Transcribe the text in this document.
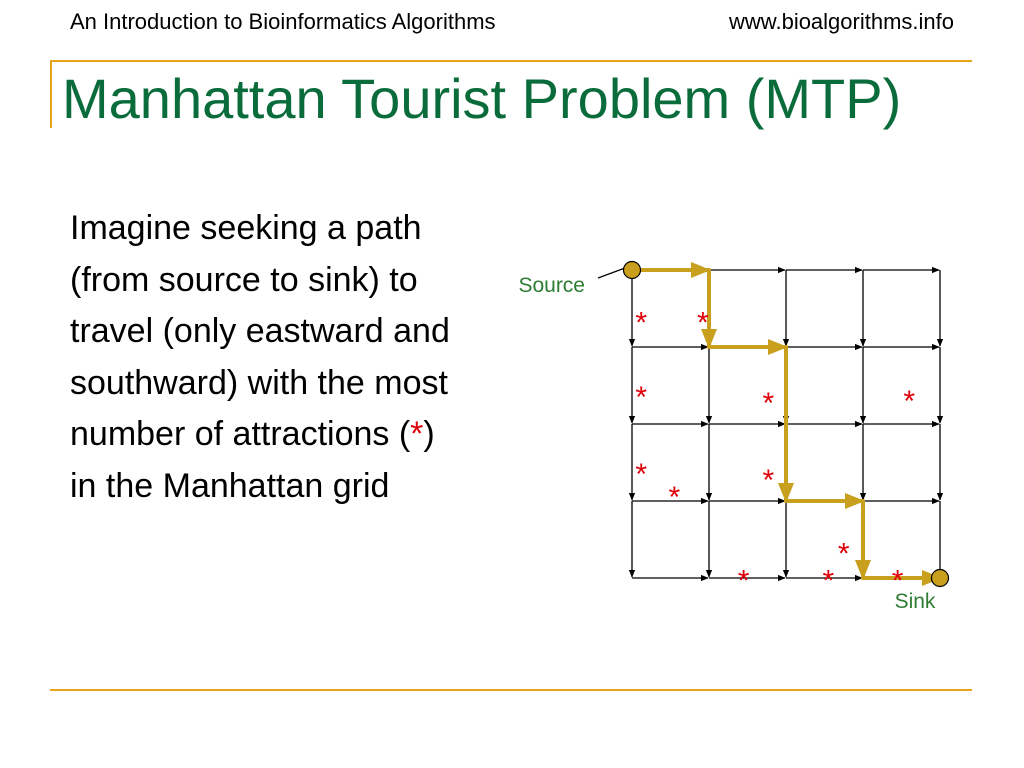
An Introduction to Bioinformatics Algorithms	www.bioalgorithms.info
Manhattan Tourist Problem (MTP)
Imagine seeking a path (from source to sink) to travel (only eastward and southward) with the most number of attractions (*) in the Manhattan grid
* *
*	*	*
*
*
*
*
* * *
Source
Sink
